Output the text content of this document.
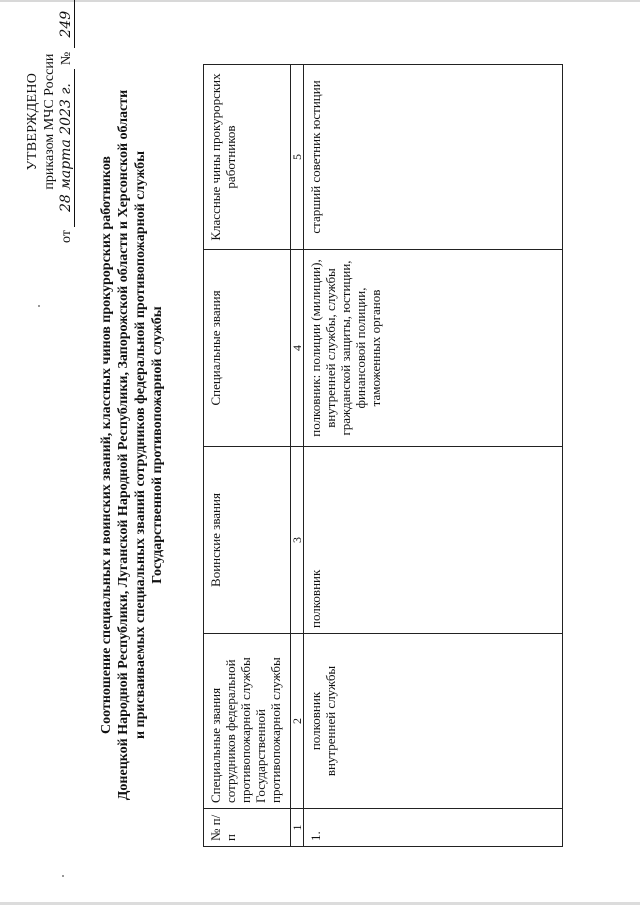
УТВЕРЖДЕНО приказом МЧС России
от 28 марта 2023 г. № 249
Соотношение специальных и воинских званий, классных чинов прокурорских работников Донецкой Народной Республики, Луганской Народной Республики, Запорожской области и Херсонской области и присваиваемых специальных званий сотрудников федеральной противопожарной службы Государственной противопожарной службы
№ п/п	Специальные звания сотрудников федеральной противопожарной службы Государственной противопожарной службы	Воинские звания	Специальные звания	Классные чины прокурорских работников
1	2	3	4	5
1.	полковник внутренней службы	полковник	полковник: полиции (милиции), внутренней службы, службы гражданской защиты, юстиции, финансовой полиции, таможенных органов	старший советник юстиции
